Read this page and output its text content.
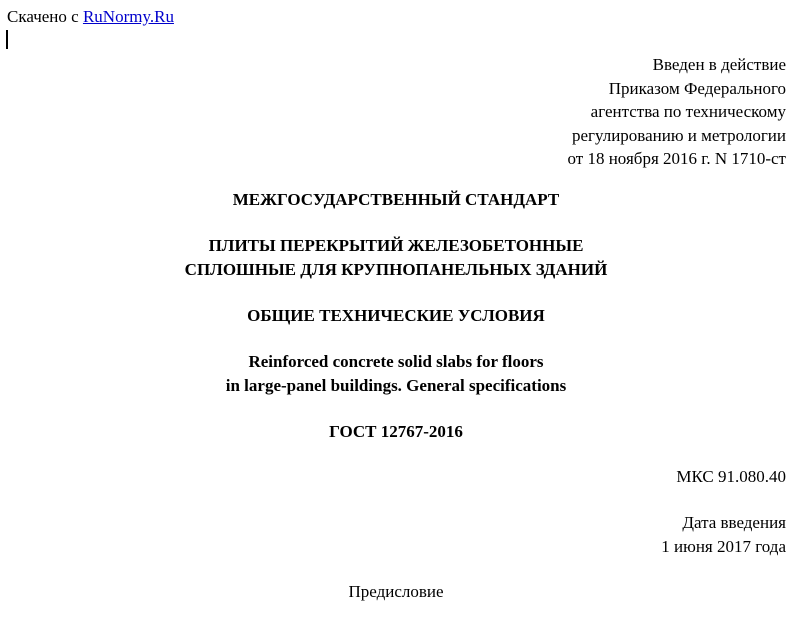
Скачено с RuNormy.Ru
Введен в действие
Приказом Федерального
агентства по техническому
регулированию и метрологии
от 18 ноября 2016 г. N 1710-ст
МЕЖГОСУДАРСТВЕННЫЙ СТАНДАРТ
ПЛИТЫ ПЕРЕКРЫТИЙ ЖЕЛЕЗОБЕТОННЫЕ
СПЛОШНЫЕ ДЛЯ КРУПНОПАНЕЛЬНЫХ ЗДАНИЙ
ОБЩИЕ ТЕХНИЧЕСКИЕ УСЛОВИЯ
Reinforced concrete solid slabs for floors
in large-panel buildings. General specifications
ГОСТ 12767-2016
МКС 91.080.40
Дата введения
1 июня 2017 года
Предисловие
